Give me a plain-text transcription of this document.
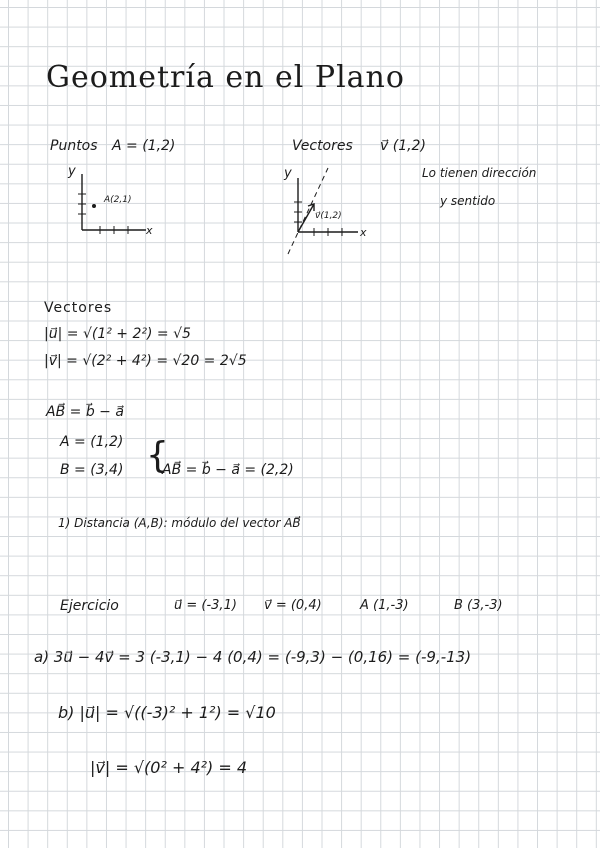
Geometría en el Plano
Puntos A = (1,2)
y
x
A(2,1)
Vectores v⃗ (1,2)
y
x
v⃗(1,2)
Lo tienen dirección
y sentido
Vectores
|u⃗| = √(1² + 2²) = √5
|v⃗| = √(2² + 4²) = √20 = 2√5
AB⃗ = b⃗ − a⃗
A = (1,2)
B = (3,4) {
AB⃗ = b⃗ − a⃗ = (2,2)
1) Distancia (A,B): módulo del vector AB⃗
Ejercicio	u⃗ = (-3,1) v⃗ = (0,4)	A (1,-3)	B (3,-3)
a) 3u⃗ − 4v⃗ = 3 (-3,1) − 4 (0,4) = (-9,3) − (0,16) = (-9,-13)
b) |u⃗| = √((-3)² + 1²) = √10
|v⃗| = √(0² + 4²) = 4
